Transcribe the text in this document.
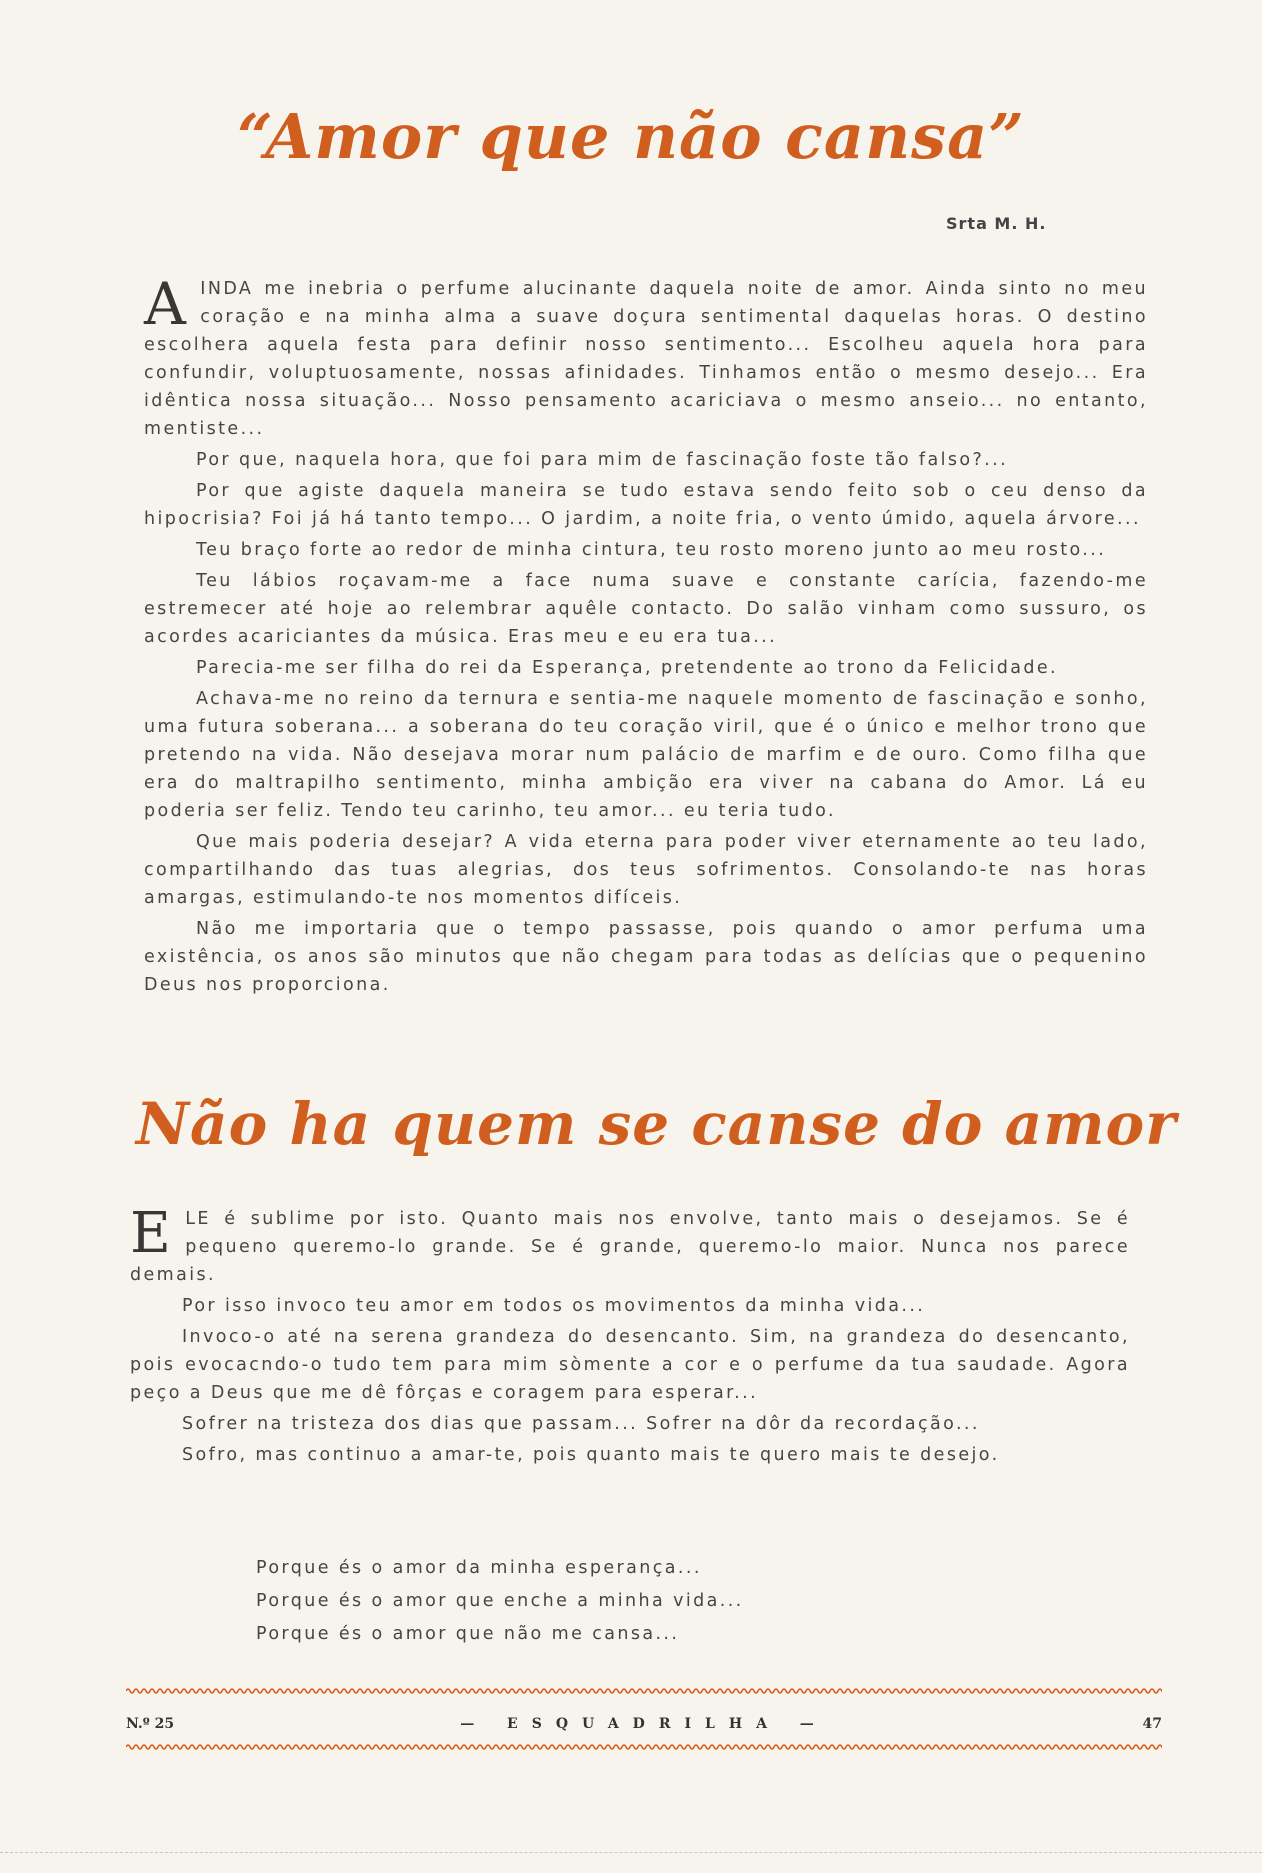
“Amor que não cansa”
Srta M. H.

AINDA me inebria o perfume alucinante daquela noite de amor. Ainda sinto no meu coração e na minha alma a suave doçura sentimental daquelas horas. O destino escolhera aquela festa para definir nosso sentimento... Escolheu aquela hora para confundir, voluptuosamente, nossas afinidades. Tinhamos então o mesmo desejo... Era idêntica nossa situação... Nosso pensamento acariciava o mesmo anseio... no entanto, mentiste...

Por que, naquela hora, que foi para mim de fascinação foste tão falso?...

Por que agiste daquela maneira se tudo estava sendo feito sob o ceu denso da hipocrisia? Foi já há tanto tempo... O jardim, a noite fria, o vento úmido, aquela árvore...

Teu braço forte ao redor de minha cintura, teu rosto moreno junto ao meu rosto...

Teu lábios roçavam-me a face numa suave e constante carícia, fazendo-me estremecer até hoje ao relembrar aquêle contacto. Do salão vinham como sussuro, os acordes acariciantes da música. Eras meu e eu era tua...

Parecia-me ser filha do rei da Esperança, pretendente ao trono da Felicidade.

Achava-me no reino da ternura e sentia-me naquele momento de fascinação e sonho, uma futura soberana... a soberana do teu coração viril, que é o único e melhor trono que pretendo na vida. Não desejava morar num palácio de marfim e de ouro. Como filha que era do maltrapilho sentimento, minha ambição era viver na cabana do Amor. Lá eu poderia ser feliz. Tendo teu carinho, teu amor... eu teria tudo.

Que mais poderia desejar? A vida eterna para poder viver eternamente ao teu lado, compartilhando das tuas alegrias, dos teus sofrimentos. Consolando-te nas horas amargas, estimulando-te nos momentos difíceis.

Não me importaria que o tempo passasse, pois quando o amor perfuma uma existência, os anos são minutos que não chegam para todas as delícias que o pequenino Deus nos proporciona.

Não ha quem se canse do amor

ELE é sublime por isto. Quanto mais nos envolve, tanto mais o desejamos. Se é pequeno queremo-lo grande. Se é grande, queremo-lo maior. Nunca nos parece demais.

Por isso invoco teu amor em todos os movimentos da minha vida...

Invoco-o até na serena grandeza do desencanto. Sim, na grandeza do desencanto, pois evocacndo-o tudo tem para mim sòmente a cor e o perfume da tua saudade. Agora peço a Deus que me dê fôrças e coragem para esperar...

Sofrer na tristeza dos dias que passam... Sofrer na dôr da recordação...

Sofro, mas continuo a amar-te, pois quanto mais te quero mais te desejo.

Porque és o amor da minha esperança...
Porque és o amor que enche a minha vida...
Porque és o amor que não me cansa...
N.º 25	— ESQUADRILHA —	47
